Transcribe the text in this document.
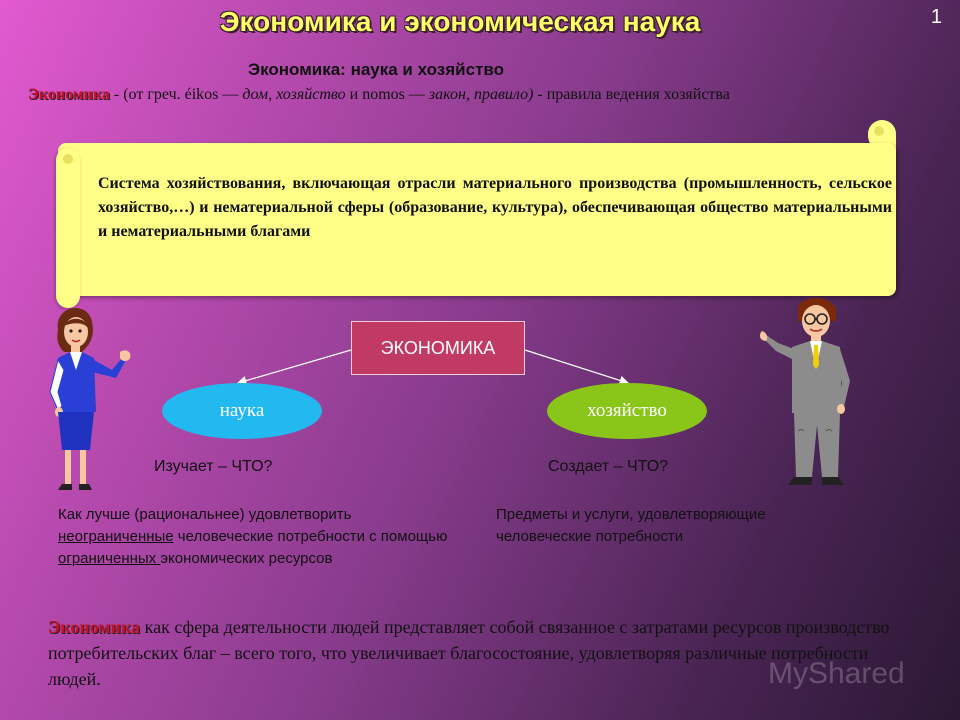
Экономика и экономическая наука	1
Экономика: наука и хозяйство
Экономика - (от греч. éikos — дом, хозяйство и nomos — закон, правило) - правила ведения хозяйства
Система хозяйствования, включающая отрасли материального производства (промышленность, сельское хозяйство,…) и нематериальной сферы (образование, культура), обеспечивающая общество материальными и нематериальными благами
ЭКОНОМИКА
наука	хозяйство
Изучает – ЧТО?	Создает – ЧТО?
Как лучше (рациональнее) удовлетворить неограниченные человеческие потребности с помощью ограниченных экономических ресурсов
Предметы и услуги, удовлетворяющие человеческие потребности
Экономика как сфера деятельности людей представляет собой связанное с затратами ресурсов производство потребительских благ – всего того, что увеличивает благосостояние, удовлетворяя различные потребности людей.	MyShared
